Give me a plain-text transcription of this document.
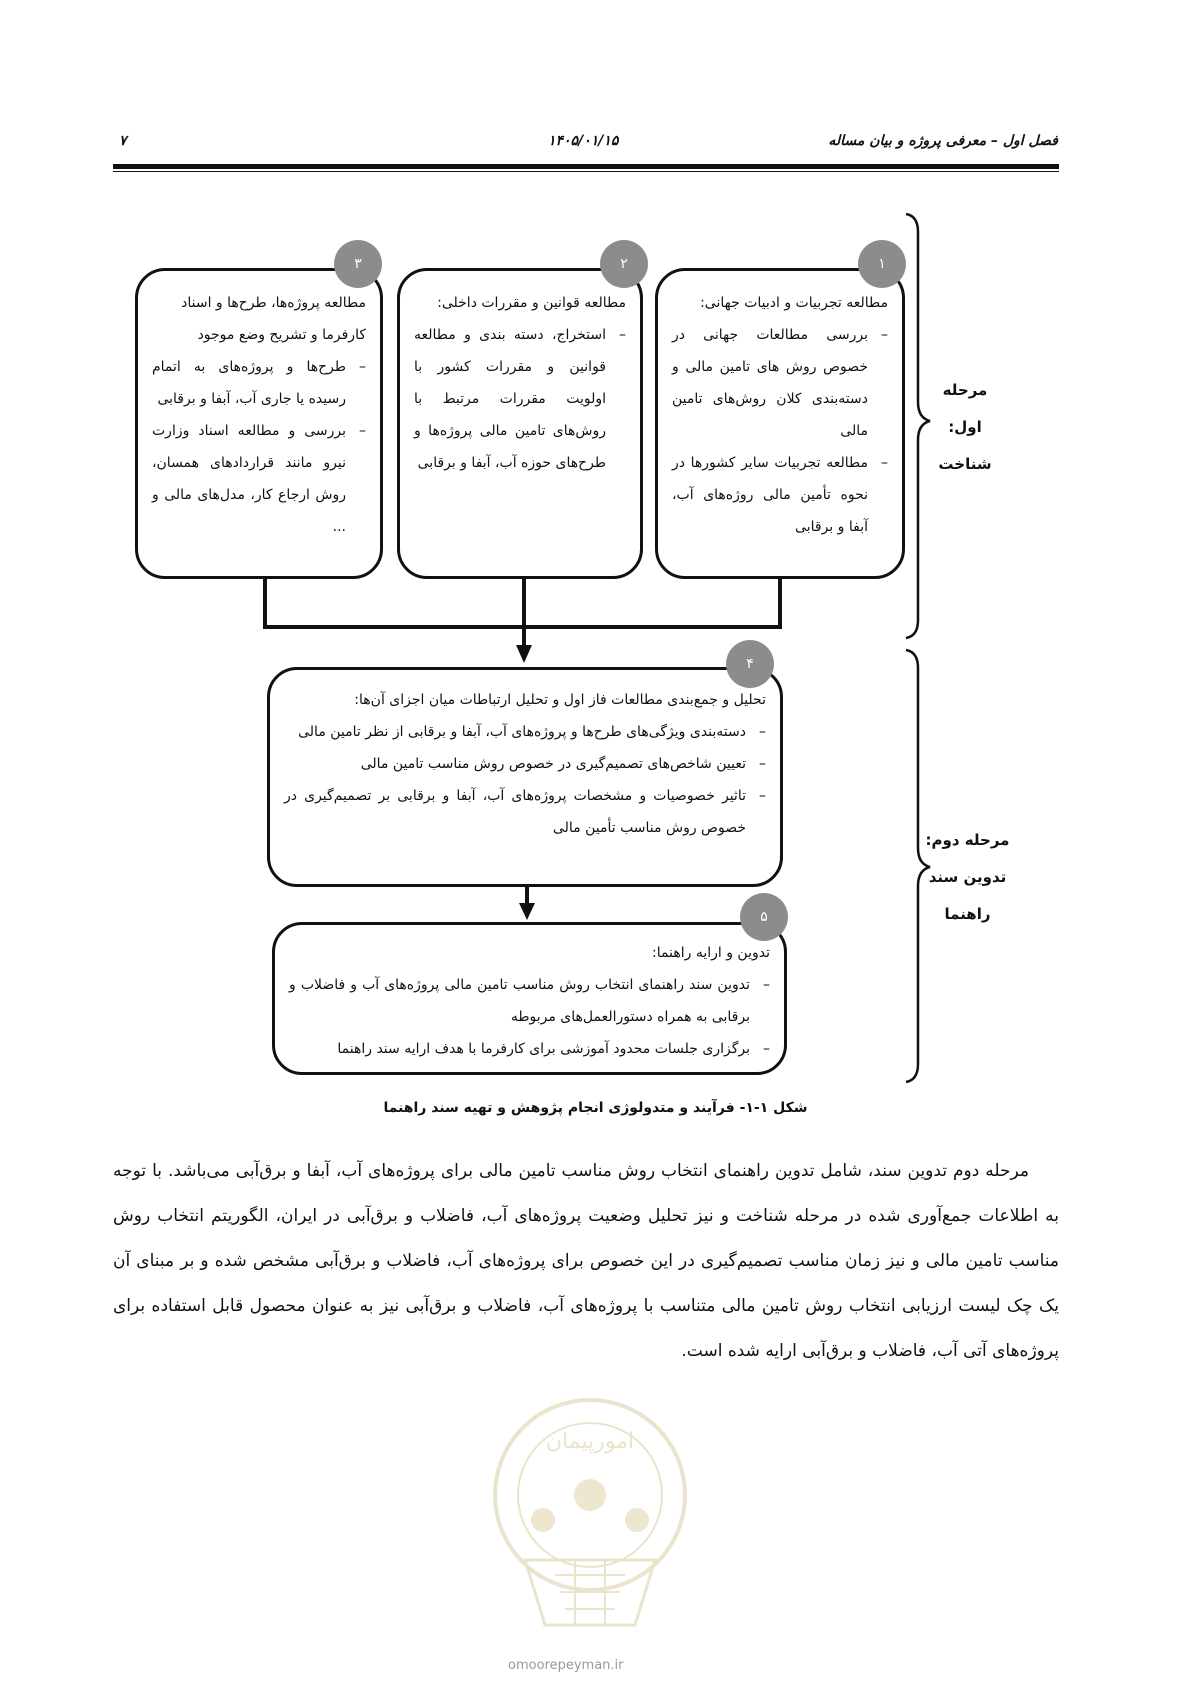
فصل اول – معرفی پروژه و بیان مساله
۱۴۰۵/۰۱/۱۵
۷
مطالعه تجربیات و ادبیات جهانی:
– بررسی مطالعات جهانی در خصوص روش های تامین مالی و دسته‌بندی کلان روش‌های تامین مالی
– مطالعه تجربیات سایر کشورها در نحوه تأمین مالی روژه‌های آب، آبفا و برقابی
۱
مطالعه قوانین و مقررات داخلی:
– استخراج، دسته بندی و مطالعه قوانین و مقررات کشور با اولویت مقررات مرتبط با روش‌های تامین مالی پروژه‌ها و طرح‌های حوزه آب، آبفا و برقابی
۲
مطالعه پروژه‌ها، طرح‌ها و اسناد کارفرما و تشریح وضع موجود
– طرح‌ها و پروژه‌های به اتمام رسیده یا جاری آب، آبفا و برقابی
– بررسی و مطالعه اسناد وزارت نیرو مانند قراردادهای همسان، روش ارجاع کار، مدل‌های مالی و ...
۳
تحلیل و جمع‌بندی مطالعات فاز اول و تحلیل ارتباطات میان اجزای آن‌ها:
– دسته‌بندی ویژگی‌های طرح‌ها و پروژه‌های آب، آبفا و برقابی از نظر تامین مالی
– تعیین شاخص‌های تصمیم‌گیری در خصوص روش مناسب تامین مالی
– تاثیر خصوصیات و مشخصات پروژه‌های آب، آبفا و برقابی بر تصمیم‌گیری در خصوص روش مناسب تأمین مالی
۴
تدوین و ارایه راهنما:
– تدوین سند راهنمای انتخاب روش مناسب تامین مالی پروژه‌های آب و فاضلاب و برقابی به همراه دستورالعمل‌های مربوطه
– برگزاری جلسات محدود آموزشی برای کارفرما با هدف ارایه سند راهنما
۵
مرحله
اول:
شناخت
مرحله دوم:
تدوین سند
راهنما
شکل ۱-۱- فرآیند و متدولوژی انجام پژوهش و تهیه سند راهنما
مرحله دوم تدوین سند، شامل تدوین راهنمای انتخاب روش مناسب تامین مالی برای پروژه‌های آب، آبفا و برق‌آبی می‌باشد. با توجه به اطلاعات جمع‌آوری شده در مرحله شناخت و نیز تحلیل وضعیت پروژه‌های آب، فاضلاب و برق‌آبی در ایران، الگوریتم انتخاب روش مناسب تامین مالی و نیز زمان مناسب تصمیم‌گیری در این خصوص برای پروژه‌های آب، فاضلاب و برق‌آبی مشخص شده و بر مبنای آن یک چک لیست ارزیابی انتخاب روش تامین مالی متناسب با پروژه‌های آب، فاضلاب و برق‌آبی نیز به عنوان محصول قابل استفاده برای پروژه‌های آتی آب، فاضلاب و برق‌آبی ارایه شده است.
امورپیمان
omoorepeyman.ir
